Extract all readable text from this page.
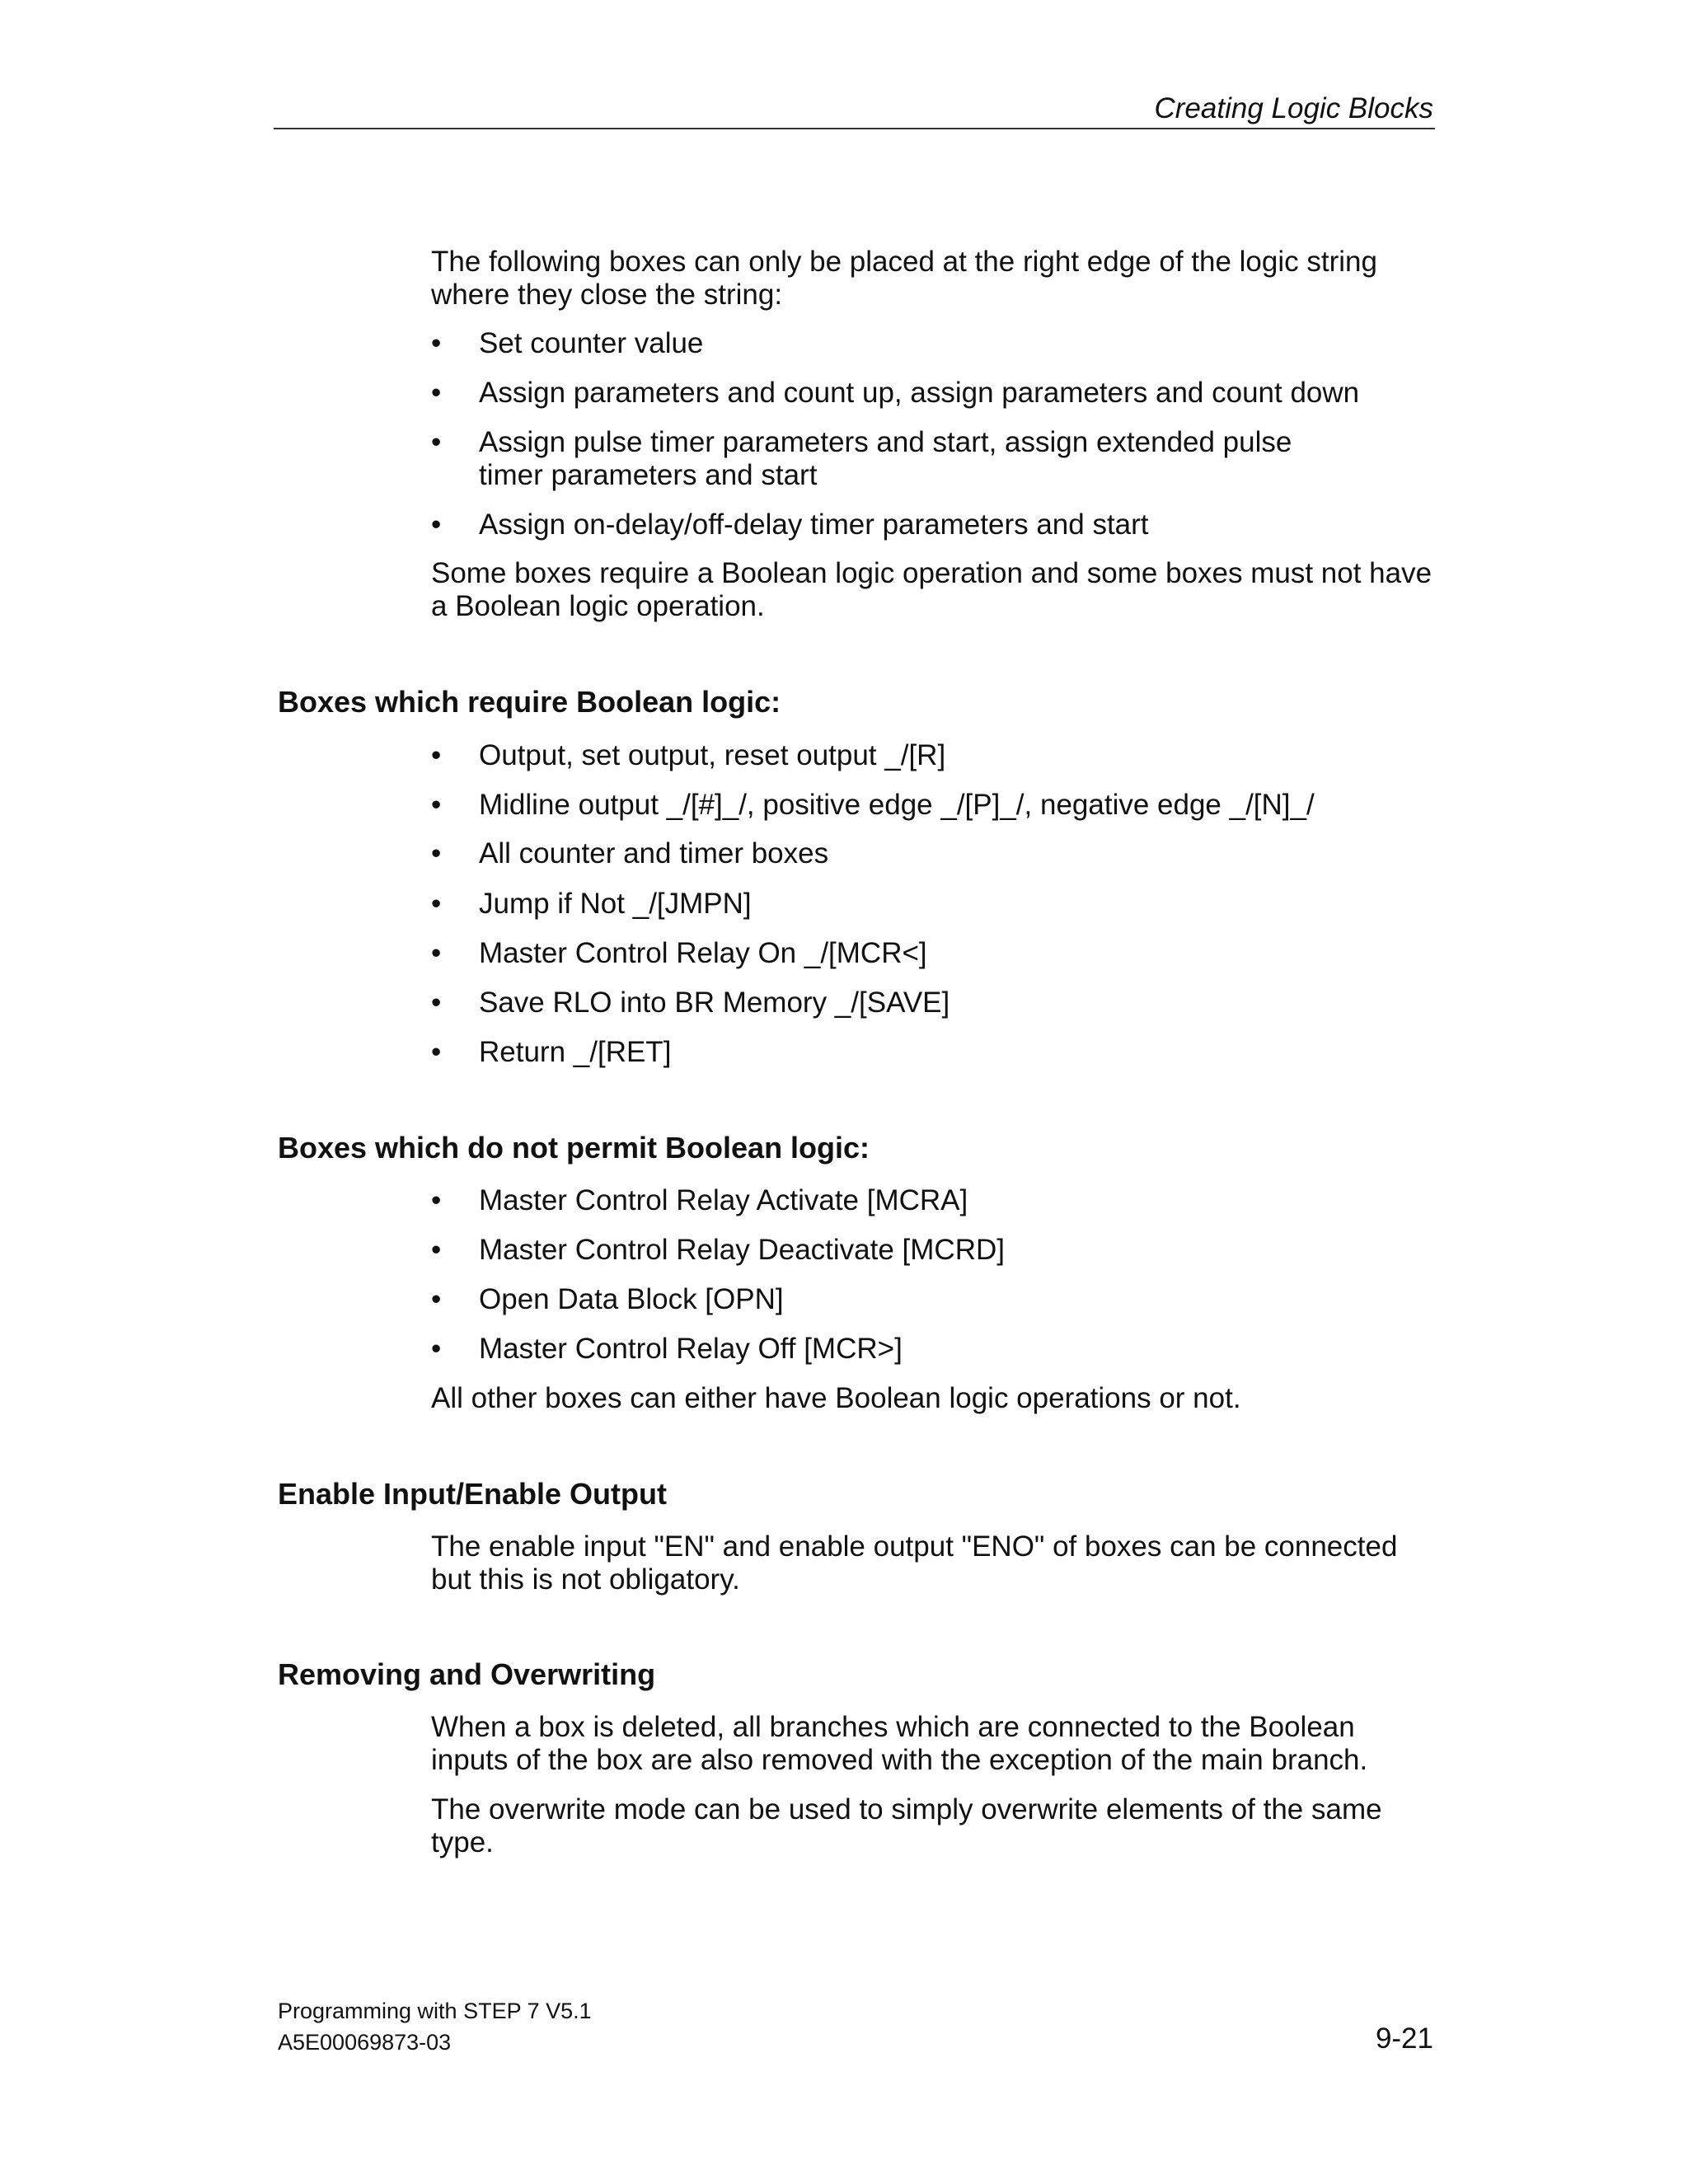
Creating Logic Blocks

The following boxes can only be placed at the right edge of the logic string where they close the string:

•	Set counter value
•	Assign parameters and count up, assign parameters and count down
•	Assign pulse timer parameters and start, assign extended pulse timer parameters and start
•	Assign on-delay/off-delay timer parameters and start

Some boxes require a Boolean logic operation and some boxes must not have a Boolean logic operation.

Boxes which require Boolean logic:
•	Output, set output, reset output _/[R]
•	Midline output _/[#]_/, positive edge _/[P]_/, negative edge _/[N]_/
•	All counter and timer boxes
•	Jump if Not _/[JMPN]
•	Master Control Relay On _/[MCR<]
•	Save RLO into BR Memory _/[SAVE]
•	Return _/[RET]
Boxes which do not permit Boolean logic:
•	Master Control Relay Activate [MCRA]
•	Master Control Relay Deactivate [MCRD]
•	Open Data Block [OPN]
•	Master Control Relay Off [MCR>]

All other boxes can either have Boolean logic operations or not.

Enable Input/Enable Output

The enable input "EN" and enable output "ENO" of boxes can be connected but this is not obligatory.

Removing and Overwriting

When a box is deleted, all branches which are connected to the Boolean inputs of the box are also removed with the exception of the main branch.

The overwrite mode can be used to simply overwrite elements of the same type.

Programming with STEP 7 V5.1
A5E00069873-03	9-21
